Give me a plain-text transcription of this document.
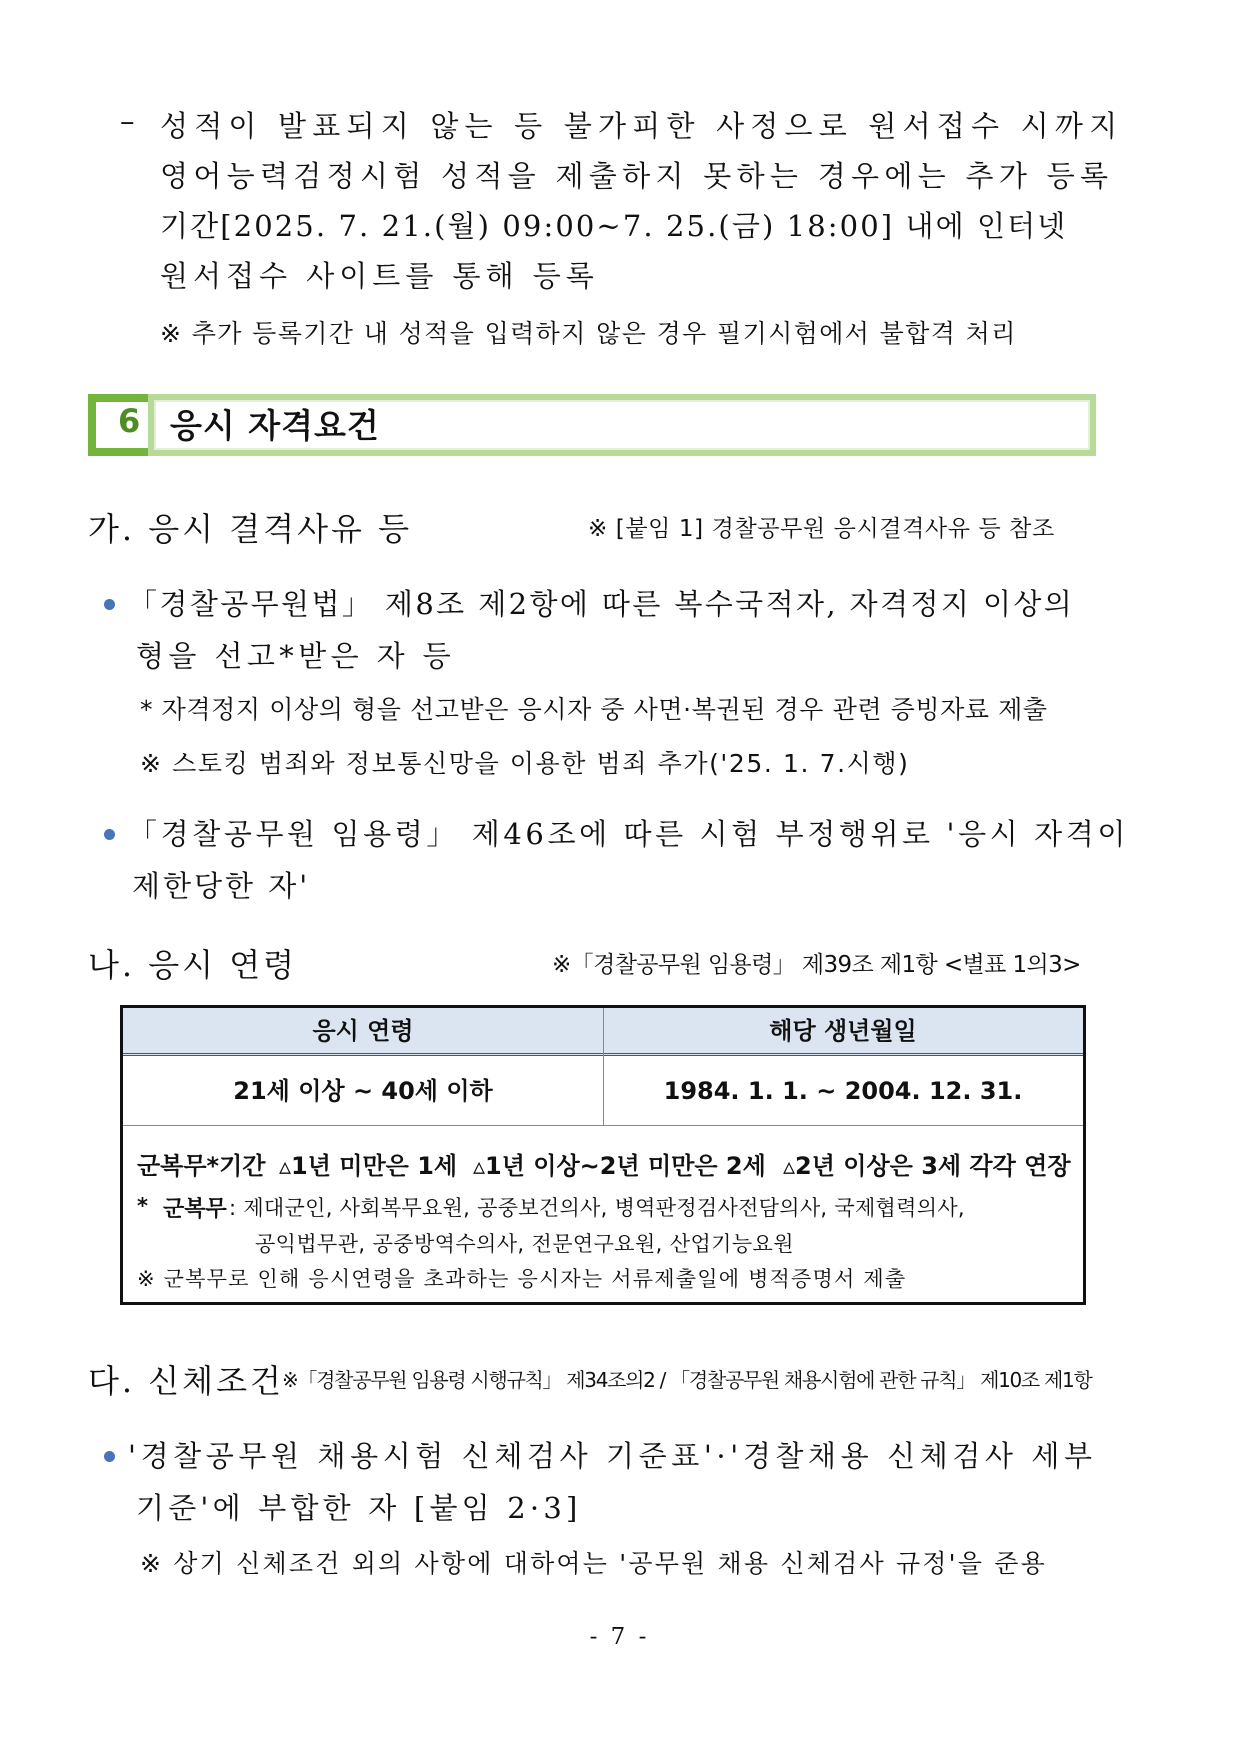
– 성적이 발표되지 않는 등 불가피한 사정으로 원서접수 시까지
영어능력검정시험 성적을 제출하지 못하는 경우에는 추가 등록
기간[2025. 7. 21.(월) 09:00~7. 25.(금) 18:00] 내에 인터넷
원서접수 사이트를 통해 등록
※ 추가 등록기간 내 성적을 입력하지 않은 경우 필기시험에서 불합격 처리
6 응시 자격요건
가. 응시 결격사유 등	※ [붙임 1] 경찰공무원 응시결격사유 등 참조
「경찰공무원법」 제8조 제2항에 따른 복수국적자, 자격정지 이상의
형을 선고*받은 자 등
* 자격정지 이상의 형을 선고받은 응시자 중 사면·복권된 경우 관련 증빙자료 제출
※ 스토킹 범죄와 정보통신망을 이용한 범죄 추가('25. 1. 7.시행)
「경찰공무원 임용령」 제46조에 따른 시험 부정행위로 '응시 자격이
제한당한 자'
나. 응시 연령	※「경찰공무원 임용령」 제39조 제1항 <별표 1의3>
응시 연령	해당 생년월일
21세 이상 ~ 40세 이하	1984. 1. 1. ~ 2004. 12. 31.
군복무*기간 ▵1년 미만은 1세 ▵1년 이상~2년 미만은 2세 ▵2년 이상은 3세 각각 연장
* 군복무 : 제대군인, 사회복무요원, 공중보건의사, 병역판정검사전담의사, 국제협력의사,
공익법무관, 공중방역수의사, 전문연구요원, 산업기능요원
※ 군복무로 인해 응시연령을 초과하는 응시자는 서류제출일에 병적증명서 제출
다. 신체조건
※「경찰공무원 임용령 시행규칙」 제34조의2 / 「경찰공무원 채용시험에 관한 규칙」 제10조 제1항
'경찰공무원 채용시험 신체검사 기준표'·'경찰채용 신체검사 세부
기준'에 부합한 자 [붙임 2·3]
※ 상기 신체조건 외의 사항에 대하여는 '공무원 채용 신체검사 규정'을 준용
- 7 -
